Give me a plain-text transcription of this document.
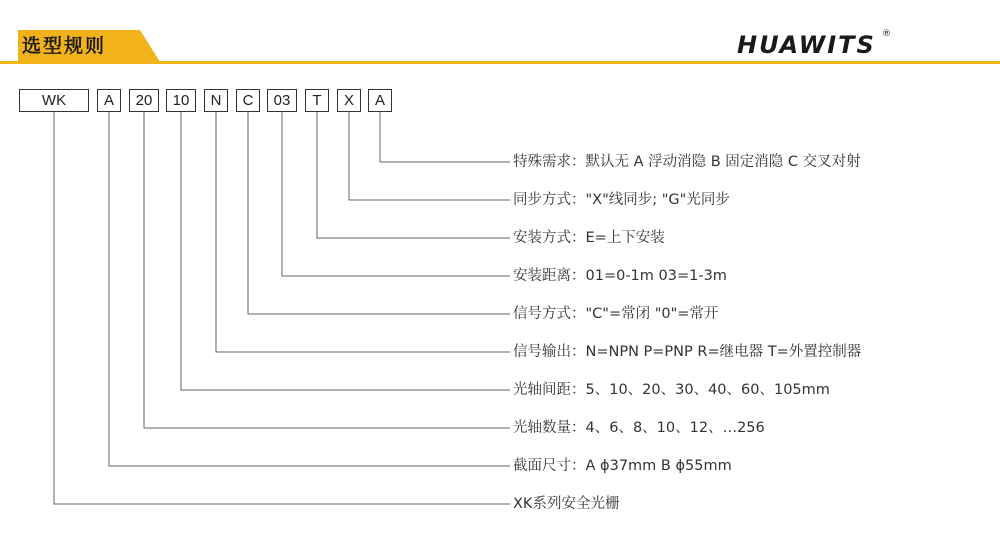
选型规则	HUAWITS ®
WK	A	20	10	N	C	03	T	X	A
特殊需求：默认无 A 浮动消隐 B 固定消隐 C 交叉对射
同步方式："X"线同步; "G"光同步
安装方式：E=上下安装
安装距离：01=0-1m 03=1-3m
信号方式："C"=常闭 "0"=常开
信号输出：N=NPN P=PNP R=继电器 T=外置控制器
光轴间距：5、10、20、30、40、60、105mm
光轴数量：4、6、8、10、12、…256
截面尺寸：A ɸ37mm B ɸ55mm
XK系列安全光栅
